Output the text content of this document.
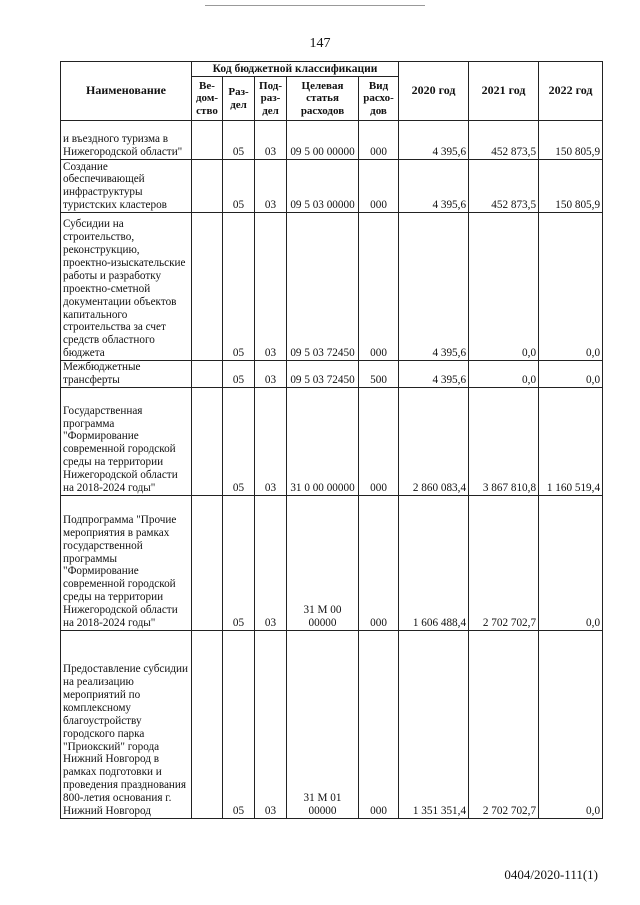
147
Наименование	Код бюджетной классификации					2020 год	2021 год	2022 год
	Ве-дом-ство	Раз-дел	Под-раз-дел	Целевая статья расходов	Вид расхо-дов			
и въездного туризма в Нижегородской области"		05	03	09 5 00 00000	000	4 395,6	452 873,5	150 805,9
Создание обеспечивающей инфраструктуры туристских кластеров		05	03	09 5 03 00000	000	4 395,6	452 873,5	150 805,9
Субсидии на строительство, реконструкцию, проектно-изыскательские работы и разработку проектно-сметной документации объектов капитального строительства за счет средств областного бюджета		05	03	09 5 03 72450	000	4 395,6	0,0	0,0
Межбюджетные трансферты		05	03	09 5 03 72450	500	4 395,6	0,0	0,0
Государственная программа "Формирование современной городской среды на территории Нижегородской области на 2018-2024 годы"		05	03	31 0 00 00000	000	2 860 083,4	3 867 810,8	1 160 519,4
Подпрограмма "Прочие мероприятия в рамках государственной программы "Формирование современной городской среды на территории Нижегородской области на 2018-2024 годы"		05	03	31 М 00 00000	000	1 606 488,4	2 702 702,7	0,0
Предоставление субсидии на реализацию мероприятий по комплексному благоустройству городского парка "Приокский" города Нижний Новгород в рамках подготовки и проведения празднования 800-летия основания г. Нижний Новгород		05	03	31 М 01 00000	000	1 351 351,4	2 702 702,7	0,0
0404/2020-111(1)
